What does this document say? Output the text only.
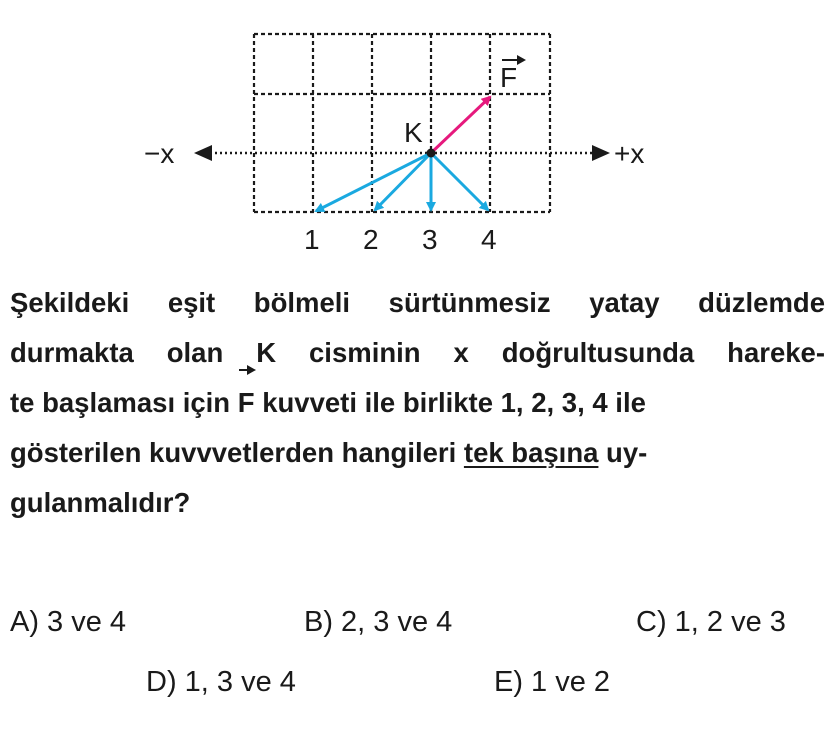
−x	+x
F
K
1 2 3 4
Şekildeki eşit bölmeli sürtünmesiz yatay düzlemde
durmakta olan K cisminin x doğrultusunda hareke-
te başlaması için F kuvveti ile birlikte 1, 2, 3, 4 ile
gösterilen kuvvvetlerden hangileri tek başına uy-
gulanmalıdır?
A) 3 ve 4	B) 2, 3 ve 4	C) 1, 2 ve 3
D) 1, 3 ve 4	E) 1 ve 2
